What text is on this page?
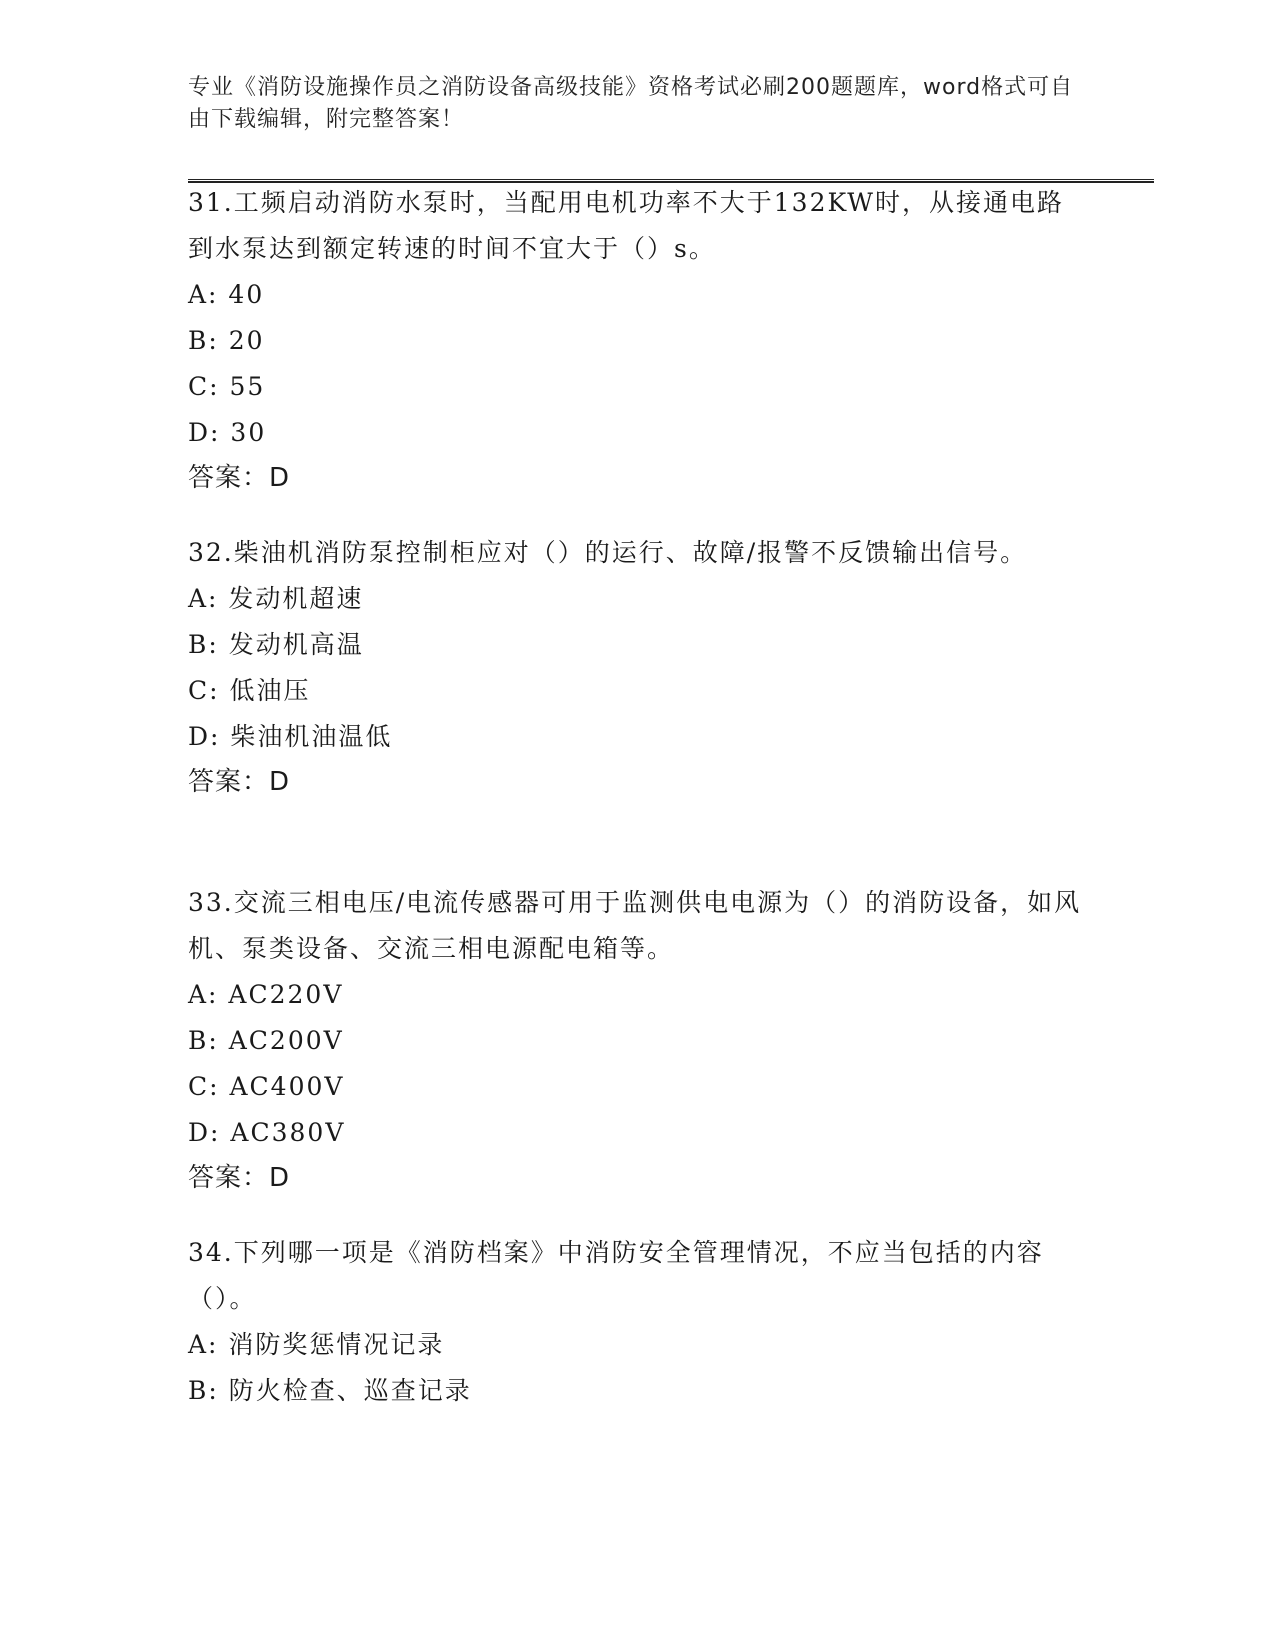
专业《消防设施操作员之消防设备高级技能》资格考试必刷200题题库，word格式可自由下载编辑，附完整答案！
31.工频启动消防水泵时，当配用电机功率不大于132KW时，从接通电路到水泵达到额定转速的时间不宜大于（）s。
A: 40
B: 20
C: 55
D: 30
答案：D
32.柴油机消防泵控制柜应对（）的运行、故障/报警不反馈输出信号。
A: 发动机超速
B: 发动机高温
C: 低油压
D: 柴油机油温低
答案：D
33.交流三相电压/电流传感器可用于监测供电电源为（）的消防设备，如风机、泵类设备、交流三相电源配电箱等。
A: AC220V
B: AC200V
C: AC400V
D: AC380V
答案：D
34.下列哪一项是《消防档案》中消防安全管理情况，不应当包括的内容（）。
A: 消防奖惩情况记录
B: 防火检查、巡查记录
